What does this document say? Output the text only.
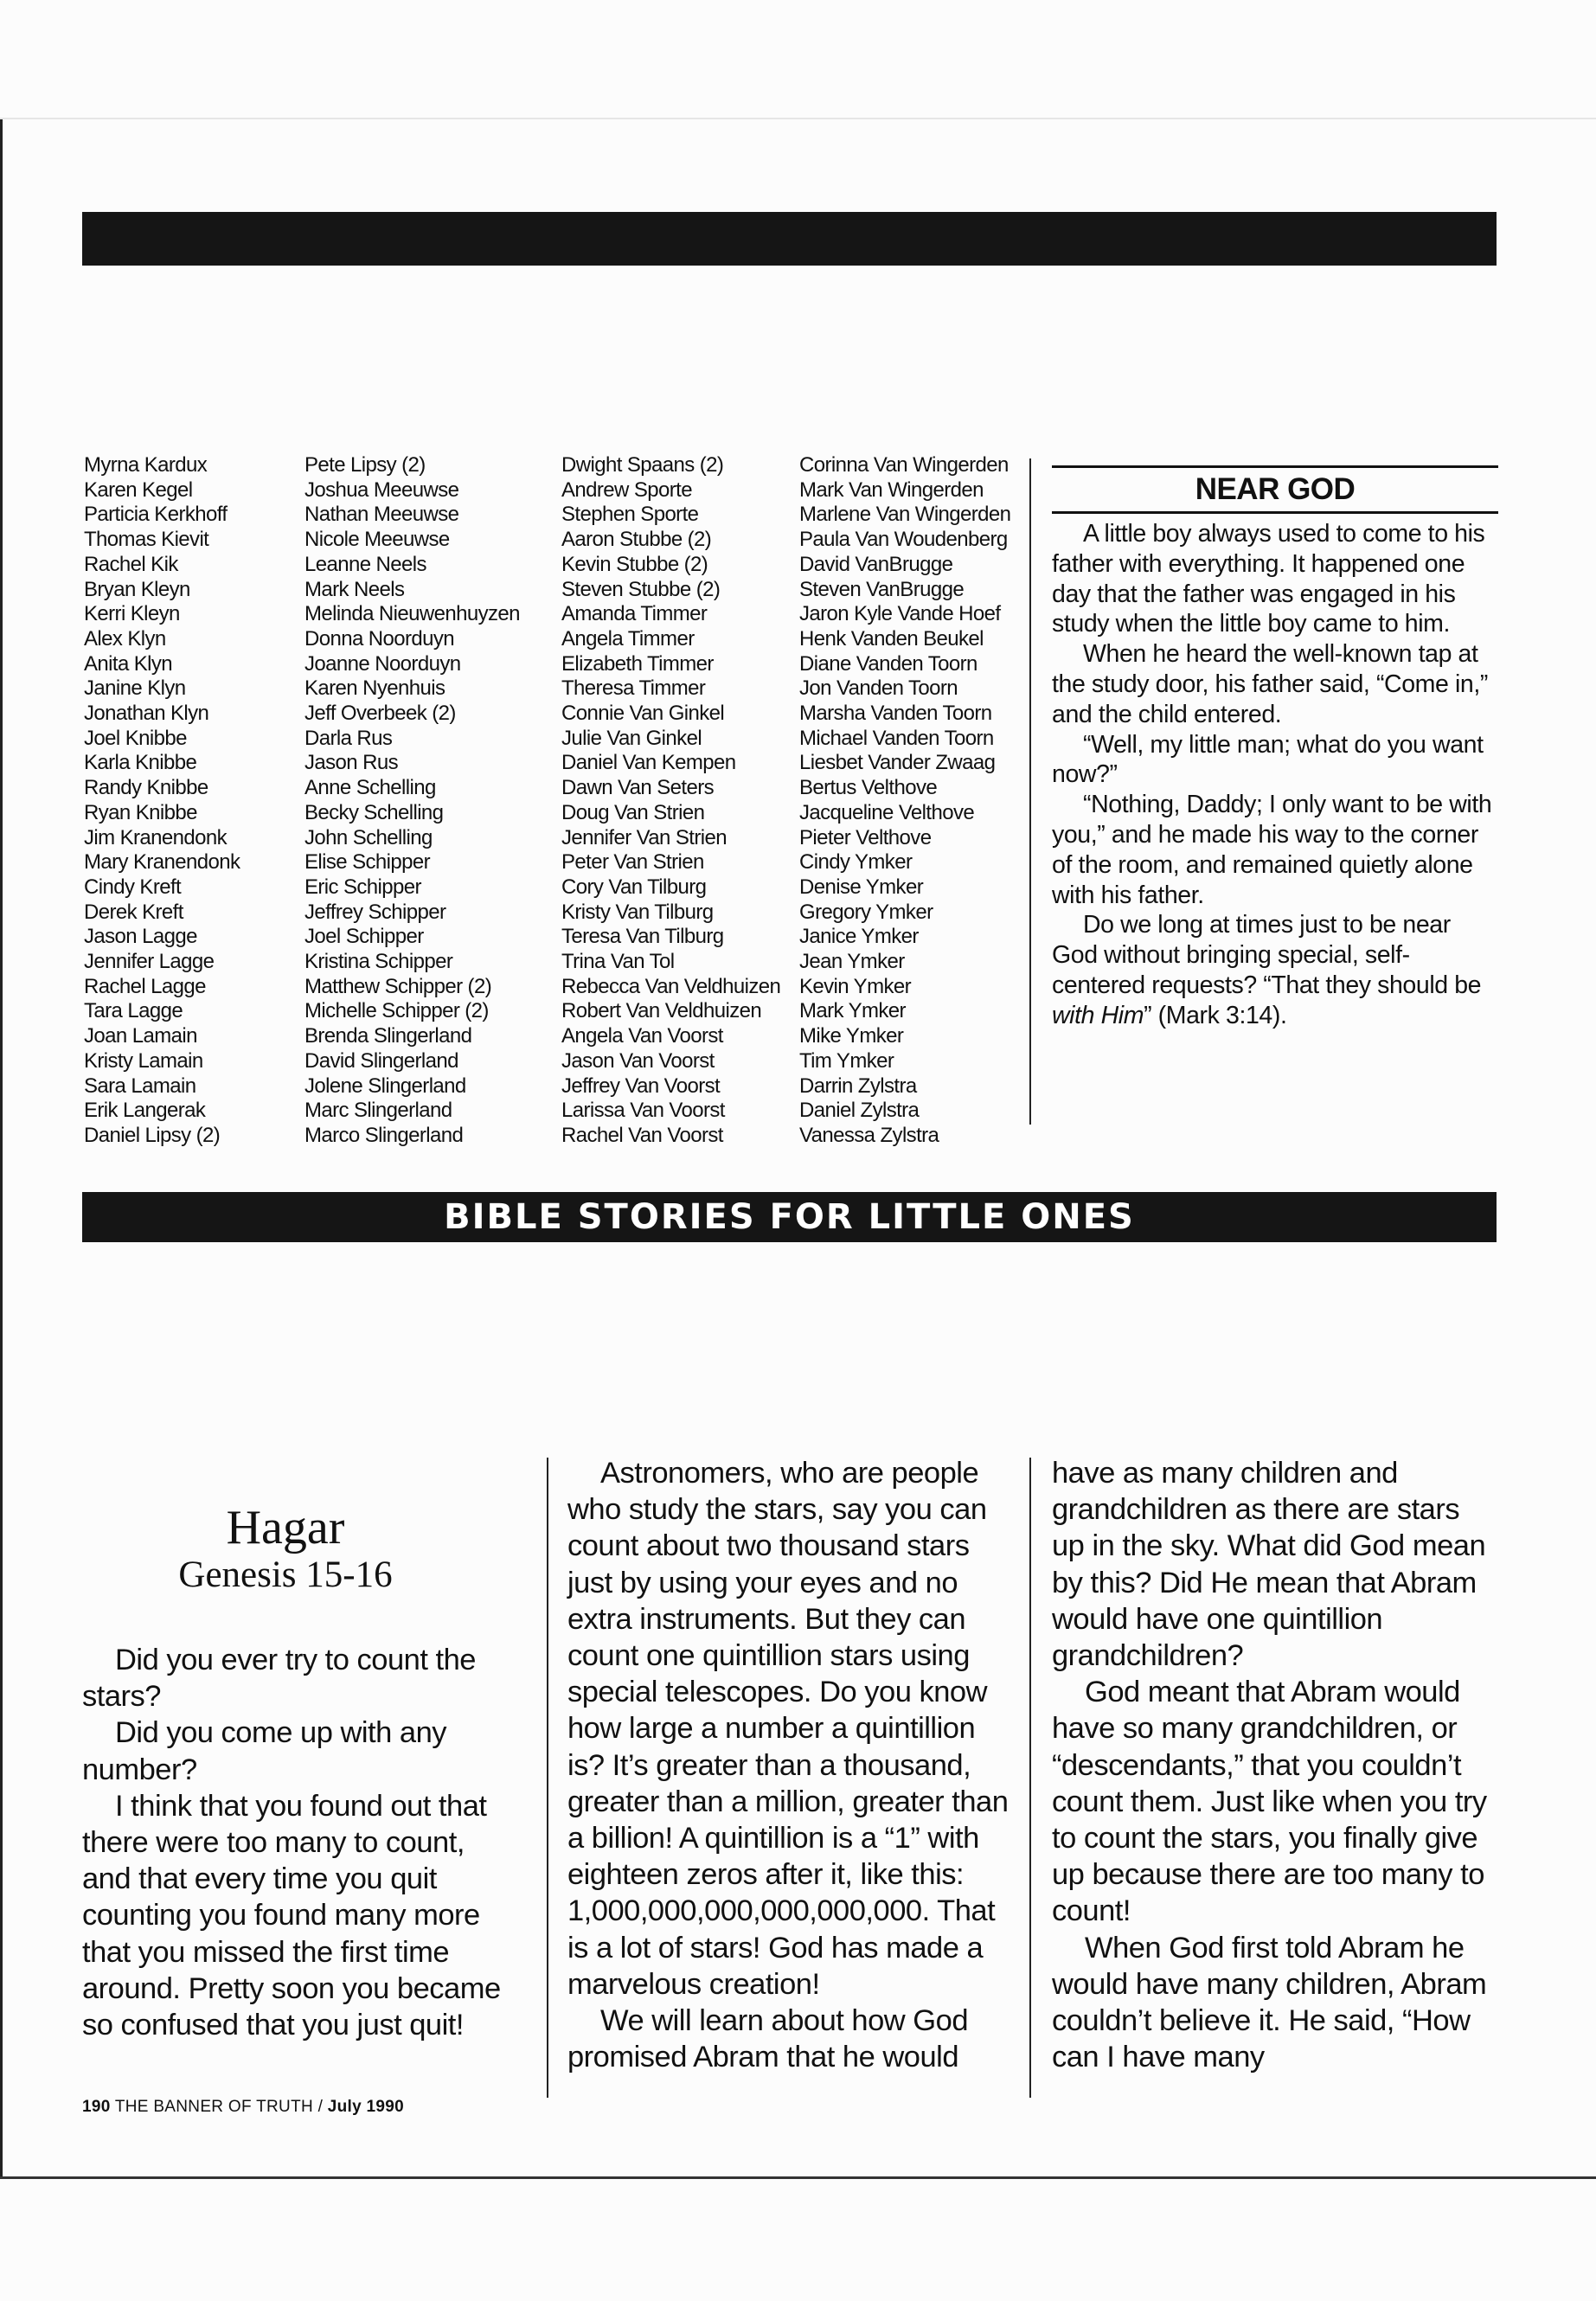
Myrna Kardux
Karen Kegel
Particia Kerkhoff
Thomas Kievit
Rachel Kik
Bryan Kleyn
Kerri Kleyn
Alex Klyn
Anita Klyn
Janine Klyn
Jonathan Klyn
Joel Knibbe
Karla Knibbe
Randy Knibbe
Ryan Knibbe
Jim Kranendonk
Mary Kranendonk
Cindy Kreft
Derek Kreft
Jason Lagge
Jennifer Lagge
Rachel Lagge
Tara Lagge
Joan Lamain
Kristy Lamain
Sara Lamain
Erik Langerak
Daniel Lipsy (2)
Pete Lipsy (2)
Joshua Meeuwse
Nathan Meeuwse
Nicole Meeuwse
Leanne Neels
Mark Neels
Melinda Nieuwenhuyzen
Donna Noorduyn
Joanne Noorduyn
Karen Nyenhuis
Jeff Overbeek (2)
Darla Rus
Jason Rus
Anne Schelling
Becky Schelling
John Schelling
Elise Schipper
Eric Schipper
Jeffrey Schipper
Joel Schipper
Kristina Schipper
Matthew Schipper (2)
Michelle Schipper (2)
Brenda Slingerland
David Slingerland
Jolene Slingerland
Marc Slingerland
Marco Slingerland
Dwight Spaans (2)
Andrew Sporte
Stephen Sporte
Aaron Stubbe (2)
Kevin Stubbe (2)
Steven Stubbe (2)
Amanda Timmer
Angela Timmer
Elizabeth Timmer
Theresa Timmer
Connie Van Ginkel
Julie Van Ginkel
Daniel Van Kempen
Dawn Van Seters
Doug Van Strien
Jennifer Van Strien
Peter Van Strien
Cory Van Tilburg
Kristy Van Tilburg
Teresa Van Tilburg
Trina Van Tol
Rebecca Van Veldhuizen
Robert Van Veldhuizen
Angela Van Voorst
Jason Van Voorst
Jeffrey Van Voorst
Larissa Van Voorst
Rachel Van Voorst
Corinna Van Wingerden
Mark Van Wingerden
Marlene Van Wingerden
Paula Van Woudenberg
David VanBrugge
Steven VanBrugge
Jaron Kyle Vande Hoef
Henk Vanden Beukel
Diane Vanden Toorn
Jon Vanden Toorn
Marsha Vanden Toorn
Michael Vanden Toorn
Liesbet Vander Zwaag
Bertus Velthove
Jacqueline Velthove
Pieter Velthove
Cindy Ymker
Denise Ymker
Gregory Ymker
Janice Ymker
Jean Ymker
Kevin Ymker
Mark Ymker
Mike Ymker
Tim Ymker
Darrin Zylstra
Daniel Zylstra
Vanessa Zylstra
NEAR GOD

A little boy always used to come to his father with everything. It happened one day that the father was engaged in his study when the little boy came to him.

When he heard the well-known tap at the study door, his father said, “Come in,” and the child entered.

“Well, my little man; what do you want now?”

“Nothing, Daddy; I only want to be with you,” and he made his way to the corner of the room, and remained quietly alone with his father.

Do we long at times just to be near God without bringing special, self-centered requests? “That they should be with Him” (Mark 3:14).

BIBLE STORIES FOR LITTLE ONES
Hagar
Genesis 15-16

Did you ever try to count the stars?

Did you come up with any number?

I think that you found out that there were too many to count, and that every time you quit counting you found many more that you missed the first time around. Pretty soon you became so confused that you just quit!

Astronomers, who are people who study the stars, say you can count about two thousand stars just by using your eyes and no extra instruments. But they can count one quintillion stars using special telescopes. Do you know how large a number a quintillion is? It’s greater than a thousand, greater than a million, greater than a billion! A quintillion is a “1” with eighteen zeros after it, like this: 1,000,000,000,000,000,000. That is a lot of stars! God has made a marvelous creation!

We will learn about how God promised Abram that he would

have as many children and grandchildren as there are stars up in the sky. What did God mean by this? Did He mean that Abram would have one quintillion grandchildren?

God meant that Abram would have so many grandchildren, or “descendants,” that you couldn’t count them. Just like when you try to count the stars, you finally give up because there are too many to count!

When God first told Abram he would have many children, Abram couldn’t believe it. He said, “How can I have many

190 THE BANNER OF TRUTH / July 1990
